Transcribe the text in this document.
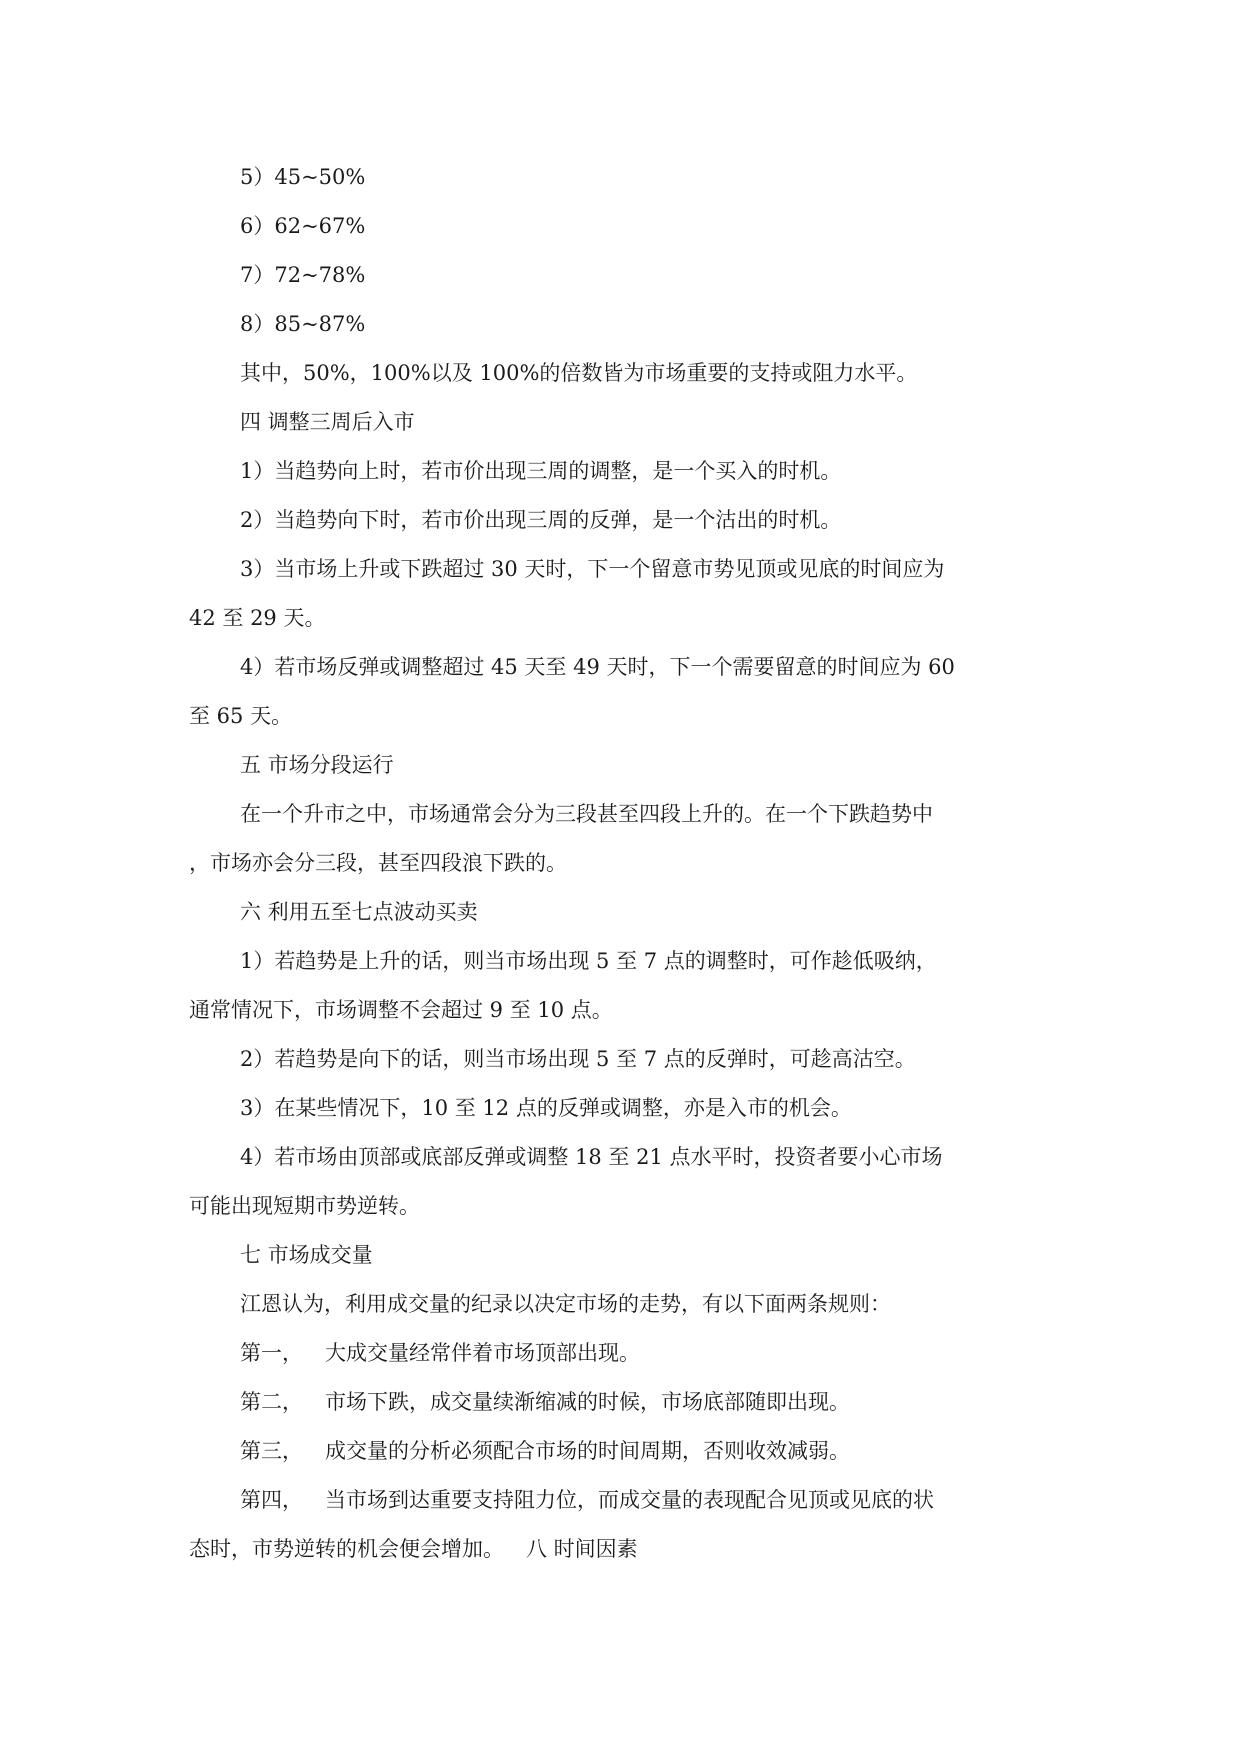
5）45~50%

6）62~67%

7）72~78%

8）85~87%

其中，50%，100%以及 100%的倍数皆为市场重要的支持或阻力水平。

四 调整三周后入市

1）当趋势向上时，若市价出现三周的调整，是一个买入的时机。

2）当趋势向下时，若市价出现三周的反弹，是一个沽出的时机。

3）当市场上升或下跌超过 30 天时，下一个留意市势见顶或见底的时间应为

42 至 29 天。

4）若市场反弹或调整超过 45 天至 49 天时，下一个需要留意的时间应为 60

至 65 天。

五 市场分段运行

在一个升市之中，市场通常会分为三段甚至四段上升的。在一个下跌趋势中

，市场亦会分三段，甚至四段浪下跌的。

六 利用五至七点波动买卖

1）若趋势是上升的话，则当市场出现 5 至 7 点的调整时，可作趁低吸纳，

通常情况下，市场调整不会超过 9 至 10 点。

2）若趋势是向下的话，则当市场出现 5 至 7 点的反弹时，可趁高沽空。

3）在某些情况下，10 至 12 点的反弹或调整，亦是入市的机会。

4）若市场由顶部或底部反弹或调整 18 至 21 点水平时，投资者要小心市场

可能出现短期市势逆转。

七 市场成交量

江恩认为，利用成交量的纪录以决定市场的走势，有以下面两条规则：

第一， 大成交量经常伴着市场顶部出现。

第二， 市场下跌，成交量续渐缩减的时候，市场底部随即出现。

第三， 成交量的分析必须配合市场的时间周期，否则收效减弱。

第四， 当市场到达重要支持阻力位，而成交量的表现配合见顶或见底的状

态时，市势逆转的机会便会增加。 八 时间因素
